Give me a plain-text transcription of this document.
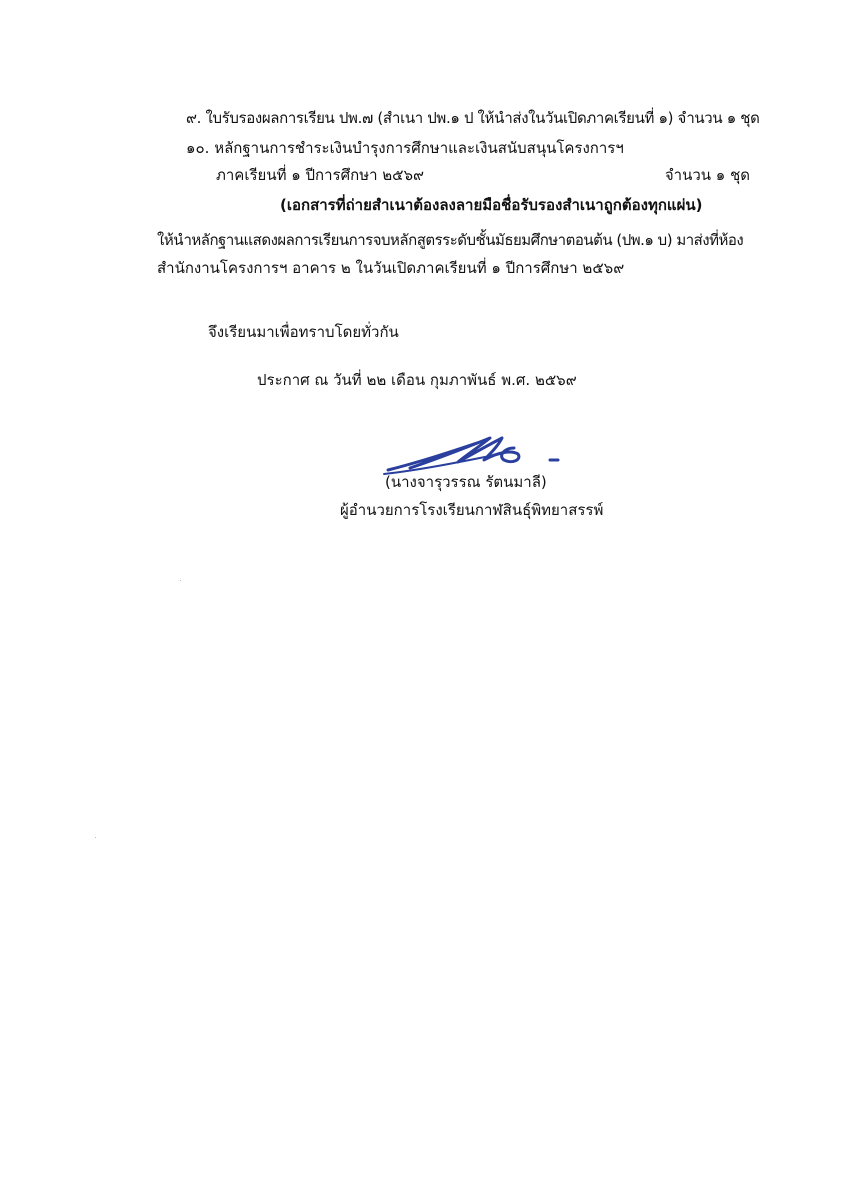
๙. ใบรับรองผลการเรียน ปพ.๗ (สำเนา ปพ.๑ ป ให้นำส่งในวันเปิดภาคเรียนที่ ๑) จำนวน ๑ ชุด
๑๐. หลักฐานการชำระเงินบำรุงการศึกษาและเงินสนับสนุนโครงการฯ
ภาคเรียนที่ ๑ ปีการศึกษา ๒๕๖๙	จำนวน ๑ ชุด
(เอกสารที่ถ่ายสำเนาต้องลงลายมือชื่อรับรองสำเนาถูกต้องทุกแผ่น)
ให้นำหลักฐานแสดงผลการเรียนการจบหลักสูตรระดับชั้นมัธยมศึกษาตอนต้น (ปพ.๑ บ) มาส่งที่ห้อง
สำนักงานโครงการฯ อาคาร ๒ ในวันเปิดภาคเรียนที่ ๑ ปีการศึกษา ๒๕๖๙
จึงเรียนมาเพื่อทราบโดยทั่วกัน
ประกาศ ณ วันที่ ๒๒ เดือน กุมภาพันธ์ พ.ศ. ๒๕๖๙
(นางจารุวรรณ รัตนมาลี)
ผู้อำนวยการโรงเรียนกาฬสินธุ์พิทยาสรรพ์
